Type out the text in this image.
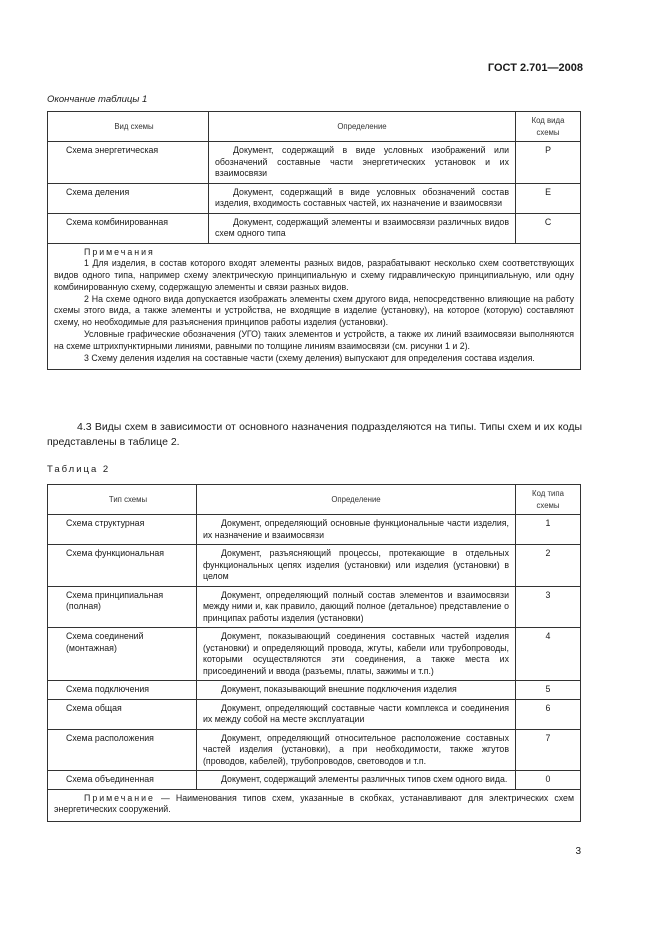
ГОСТ 2.701—2008
Окончание таблицы 1
Вид схемы	Определение	Код вида схемы
Схема энергетическая	Документ, содержащий в виде условных изображений или обозначений составные части энергетических установок и их взаимосвязи	Р
Схема деления	Документ, содержащий в виде условных обозначений состав изделия, входимость составных частей, их назначение и взаимосвязи	Е
Схема комбинированная	Документ, содержащий элементы и взаимосвязи различных видов схем одного типа	С

Примечания

1 Для изделия, в состав которого входят элементы разных видов, разрабатывают несколько схем соответствующих видов одного типа, например схему электрическую принципиальную и схему гидравлическую принципиальную, или одну комбинированную схему, содержащую элементы и связи разных видов.

2 На схеме одного вида допускается изображать элементы схем другого вида, непосредственно влияющие на работу схемы этого вида, а также элементы и устройства, не входящие в изделие (установку), на которое (которую) составляют схему, но необходимые для разъяснения принципов работы изделия (установки).

Условные графические обозначения (УГО) таких элементов и устройств, а также их линий взаимосвязи выполняются на схеме штрихпунктирными линиями, равными по толщине линиям взаимосвязи (см. рисунки 1 и 2).

3 Схему деления изделия на составные части (схему деления) выпускают для определения состава изделия.		

4.3 Виды схем в зависимости от основного назначения подразделяются на типы. Типы схем и их коды представлены в таблице 2.
Таблица 2
Тип схемы	Определение	Код типа схемы
Схема структурная	Документ, определяющий основные функциональные части изделия, их назначение и взаимосвязи	1
Схема функциональная	Документ, разъясняющий процессы, протекающие в отдельных функциональных цепях изделия (установки) или изделия (установки) в целом	2
Схема принципиальная (полная)	Документ, определяющий полный состав элементов и взаимосвязи между ними и, как правило, дающий полное (детальное) представление о принципах работы изделия (установки)	3
Схема соединений (монтажная)	Документ, показывающий соединения составных частей изделия (установки) и определяющий провода, жгуты, кабели или трубопроводы, которыми осуществляются эти соединения, а также места их присоединений и ввода (разъемы, платы, зажимы и т.п.)	4
Схема подключения	Документ, показывающий внешние подключения изделия	5
Схема общая	Документ, определяющий составные части комплекса и соединения их между собой на месте эксплуатации	6
Схема расположения	Документ, определяющий относительное расположение составных частей изделия (установки), а при необходимости, также жгутов (проводов, кабелей), трубопроводов, световодов и т.п.	7
Схема объединенная	Документ, содержащий элементы различных типов схем одного вида.	0

Примечание — Наименования типов схем, указанные в скобках, устанавливают для электрических схем энергетических сооружений.		

3
